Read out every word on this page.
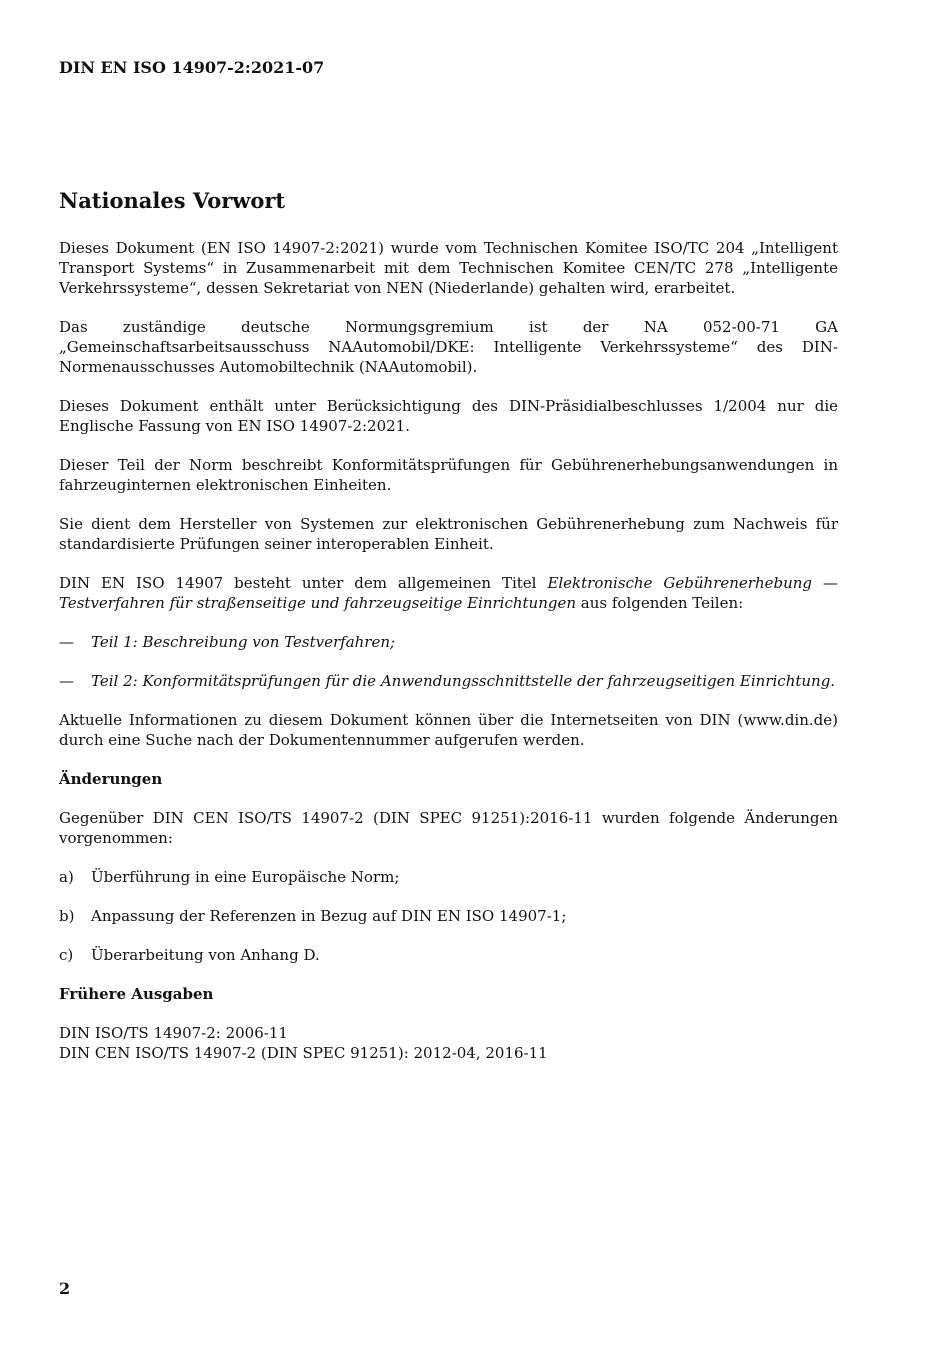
DIN EN ISO 14907-2:2021-07
Nationales Vorwort

Dieses Dokument (EN ISO 14907-2:2021) wurde vom Technischen Komitee ISO/TC 204 „Intelligent Transport Systems“ in Zusammenarbeit mit dem Technischen Komitee CEN/TC 278 „Intelligente Verkehrssysteme“, dessen Sekretariat von NEN (Niederlande) gehalten wird, erarbeitet.

Das zuständige deutsche Normungsgremium ist der NA 052-00-71 GA „Gemeinschaftsarbeitsausschuss NAAutomobil/DKE: Intelligente Verkehrssysteme“ des DIN-Normenausschusses Automobiltechnik (NAAutomobil).

Dieses Dokument enthält unter Berücksichtigung des DIN-Präsidialbeschlusses 1/2004 nur die Englische Fassung von EN ISO 14907-2:2021.

Dieser Teil der Norm beschreibt Konformitätsprüfungen für Gebührenerhebungsanwendungen in fahrzeuginternen elektronischen Einheiten.

Sie dient dem Hersteller von Systemen zur elektronischen Gebührenerhebung zum Nachweis für standardisierte Prüfungen seiner interoperablen Einheit.

DIN EN ISO 14907 besteht unter dem allgemeinen Titel Elektronische Gebührenerhebung — Testverfahren für straßenseitige und fahrzeugseitige Einrichtungen aus folgenden Teilen:

—	Teil 1: Beschreibung von Testverfahren;
—	Teil 2: Konformitätsprüfungen für die Anwendungsschnittstelle der fahrzeugseitigen Einrichtung.

Aktuelle Informationen zu diesem Dokument können über die Internetseiten von DIN (www.din.de) durch eine Suche nach der Dokumentennummer aufgerufen werden.

Änderungen

Gegenüber DIN CEN ISO/TS 14907-2 (DIN SPEC 91251):2016-11 wurden folgende Änderungen vorgenommen:

a)	Überführung in eine Europäische Norm;
b)	Anpassung der Referenzen in Bezug auf DIN EN ISO 14907-1;
c)	Überarbeitung von Anhang D.
Frühere Ausgaben
DIN ISO/TS 14907-2: 2006-11
DIN CEN ISO/TS 14907-2 (DIN SPEC 91251): 2012-04, 2016-11
2
